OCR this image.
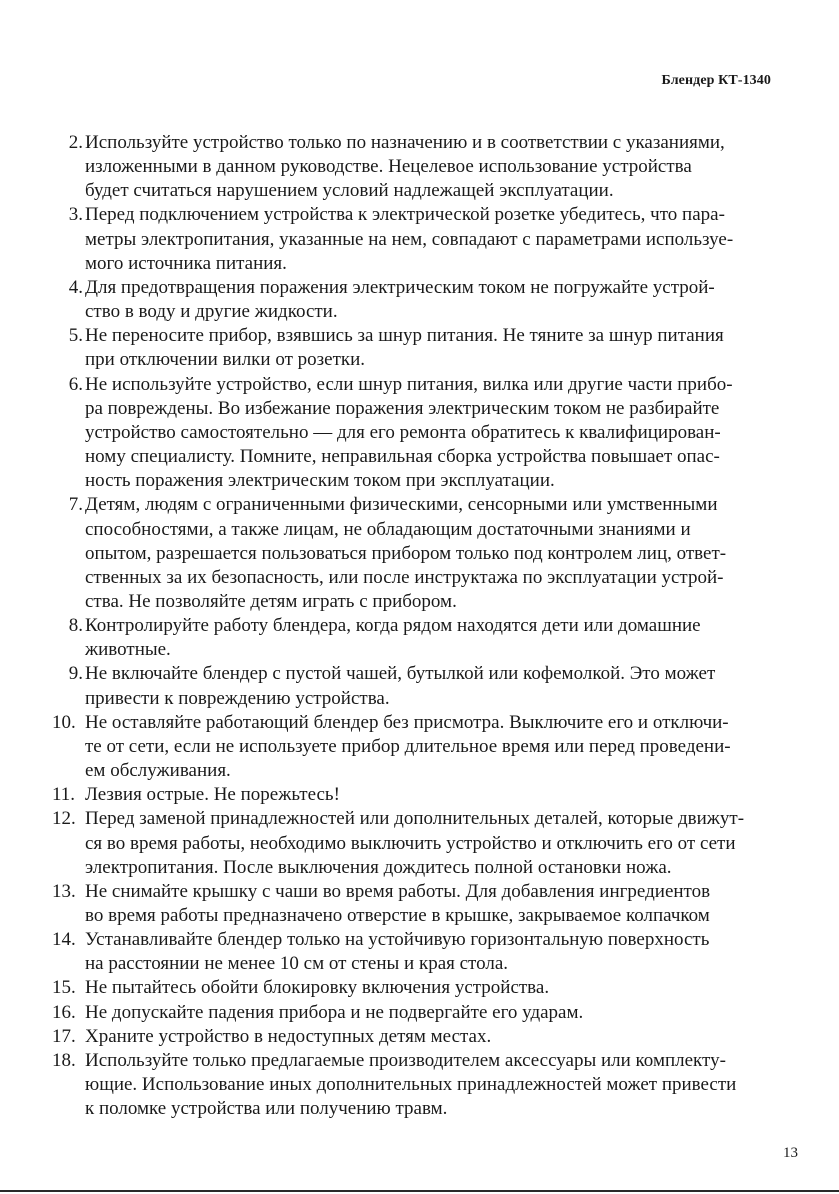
Блендер КТ-1340
2. Используйте устройство только по назначению и в соответствии с указаниями,
изложенными в данном руководстве. Нецелевое использование устройства
будет считаться нарушением условий надлежащей эксплуатации.
3. Перед подключением устройства к электрической розетке убедитесь, что пара-
метры электропитания, указанные на нем, совпадают с параметрами используе-
мого источника питания.
4. Для предотвращения поражения электрическим током не погружайте устрой-
ство в воду и другие жидкости.
5. Не переносите прибор, взявшись за шнур питания. Не тяните за шнур питания
при отключении вилки от розетки.
6. Не используйте устройство, если шнур питания, вилка или другие части прибо-
ра повреждены. Во избежание поражения электрическим током не разбирайте
устройство самостоятельно — для его ремонта обратитесь к квалифицирован-
ному специалисту. Помните, неправильная сборка устройства повышает опас-
ность поражения электрическим током при эксплуатации.
7. Детям, людям с ограниченными физическими, сенсорными или умственными
способностями, а также лицам, не обладающим достаточными знаниями и
опытом, разрешается пользоваться прибором только под контролем лиц, ответ-
ственных за их безопасность, или после инструктажа по эксплуатации устрой-
ства. Не позволяйте детям играть с прибором.
8. Контролируйте работу блендера, когда рядом находятся дети или домашние
животные.
9. Не включайте блендер с пустой чашей, бутылкой или кофемолкой. Это может
привести к повреждению устройства.
10. Не оставляйте работающий блендер без присмотра. Выключите его и отключи-
те от сети, если не используете прибор длительное время или перед проведени-
ем обслуживания.
11. Лезвия острые. Не порежьтесь!
12. Перед заменой принадлежностей или дополнительных деталей, которые движут-
ся во время работы, необходимо выключить устройство и отключить его от сети
электропитания. После выключения дождитесь полной остановки ножа.
13. Не снимайте крышку с чаши во время работы. Для добавления ингредиентов
во время работы предназначено отверстие в крышке, закрываемое колпачком
14. Устанавливайте блендер только на устойчивую горизонтальную поверхность
на расстоянии не менее 10 см от стены и края стола.
15. Не пытайтесь обойти блокировку включения устройства.
16. Не допускайте падения прибора и не подвергайте его ударам.
17. Храните устройство в недоступных детям местах.
18. Используйте только предлагаемые производителем аксессуары или комплекту-
ющие. Использование иных дополнительных принадлежностей может привести
к поломке устройства или получению травм.
13
